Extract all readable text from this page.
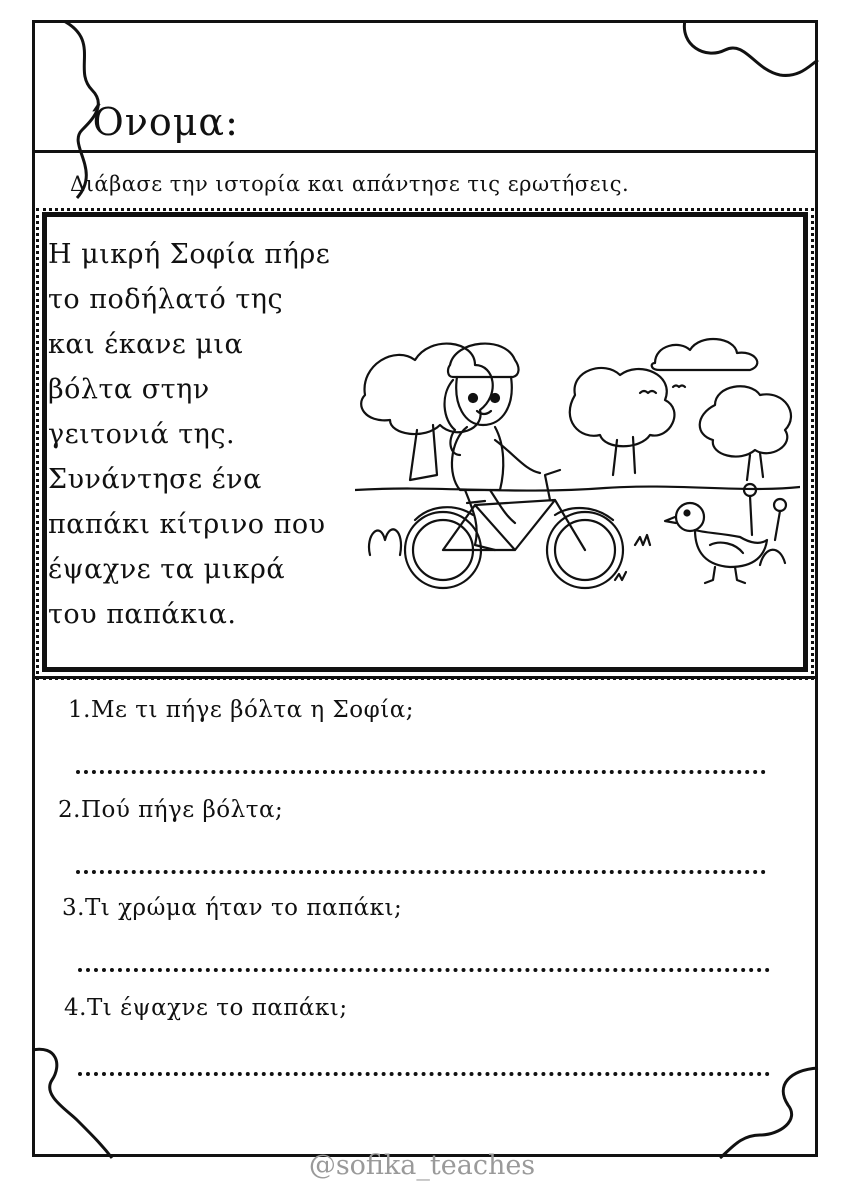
Όνομα:
Διάβασε την ιστορία και απάντησε τις ερωτήσεις.
Η μικρή Σοφία πήρε
το ποδήλατό της
και έκανε μια
βόλτα στην
γειτονιά της.
Συνάντησε ένα
παπάκι κίτρινο που
έψαχνε τα μικρά
του παπάκια.
1.Με τι πήγε βόλτα η Σοφία;
2.Πού πήγε βόλτα;
3.Τι χρώμα ήταν το παπάκι;
4.Τι έψαχνε το παπάκι;
@sofika_teaches
